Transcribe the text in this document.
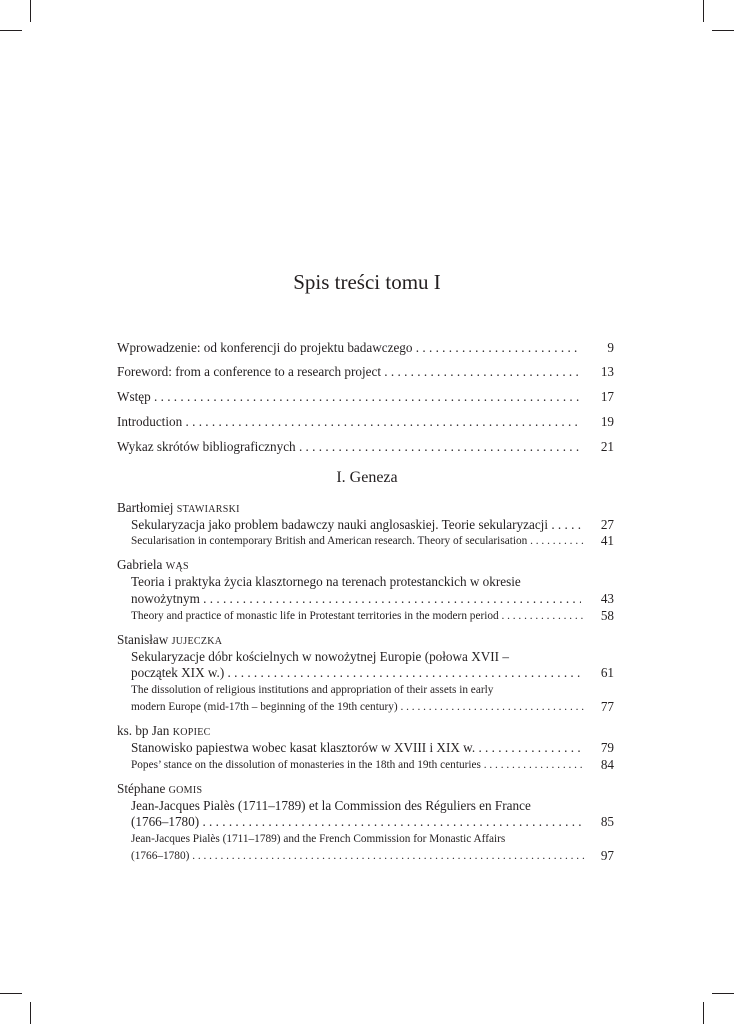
Spis treści tomu I
Wprowadzenie: od konferencji do projektu badawczego . . .	9
Foreword: from a conference to a research project . . .	13
Wstęp . . .	17
Introduction . . .	19
Wykaz skrótów bibliograficznych . . .	21
I. Geneza
Bartłomiej STAWIARSKI
Sekularyzacja jako problem badawczy nauki anglosaskiej. Teorie sekularyzacji . . .	27
Secularisation in contemporary British and American research. Theory of secularisation . . .	41
Gabriela WĄS
Teoria i praktyka życia klasztornego na terenach protestanckich w okresie
nowożytnym . . .	43
Theory and practice of monastic life in Protestant territories in the modern period . . .	58
Stanisław JUJECZKA
Sekularyzacje dóbr kościelnych w nowożytnej Europie (połowa XVII –
początek XIX w.) . . .	61
The dissolution of religious institutions and appropriation of their assets in early
modern Europe (mid-17th – beginning of the 19th century) . . .	77
ks. bp Jan KOPIEC
Stanowisko papiestwa wobec kasat klasztorów w XVIII i XIX w. . . .	79
Popes’ stance on the dissolution of monasteries in the 18th and 19th centuries . . .	84
Stéphane GOMIS
Jean-Jacques Pialès (1711–1789) et la Commission des Réguliers en France
(1766–1780) . . .	85
Jean-Jacques Pialès (1711–1789) and the French Commission for Monastic Affairs
(1766–1780) . . .	97
